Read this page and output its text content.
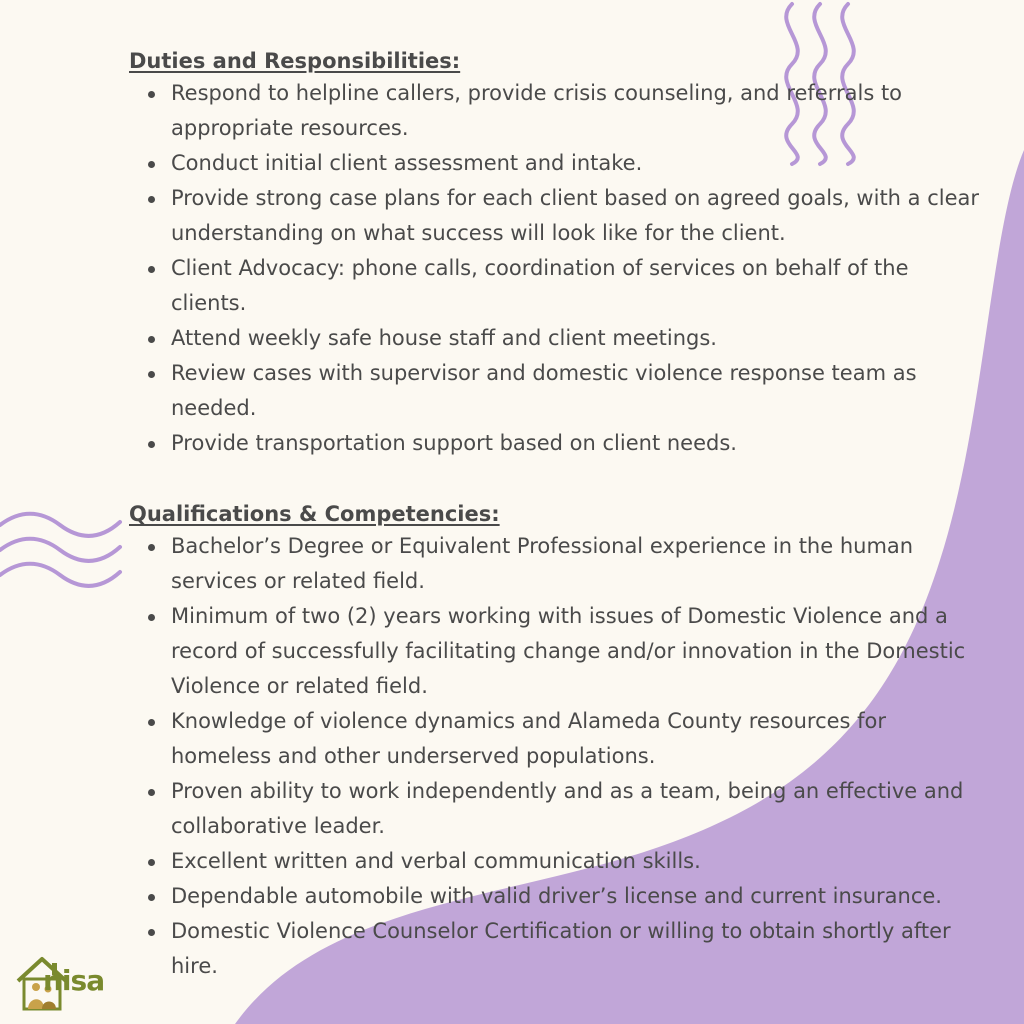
Duties and Responsibilities:
Respond to helpline callers, provide crisis counseling, and referrals to appropriate resources.
Conduct initial client assessment and intake.
Provide strong case plans for each client based on agreed goals, with a clear understanding on what success will look like for the client.
Client Advocacy: phone calls, coordination of services on behalf of the clients.
Attend weekly safe house staff and client meetings.
Review cases with supervisor and domestic violence response team as needed.
Provide transportation support based on client needs.
Qualifications & Competencies:
Bachelor’s Degree or Equivalent Professional experience in the human services or related field.
Minimum of two (2) years working with issues of Domestic Violence and a record of successfully facilitating change and/or innovation in the Domestic Violence or related field.
Knowledge of violence dynamics and Alameda County resources for homeless and other underserved populations.
Proven ability to work independently and as a team, being an effective and collaborative leader.
Excellent written and verbal communication skills.
Dependable automobile with valid driver’s license and current insurance.
Domestic Violence Counselor Certification or willing to obtain shortly after hire.
nisa
